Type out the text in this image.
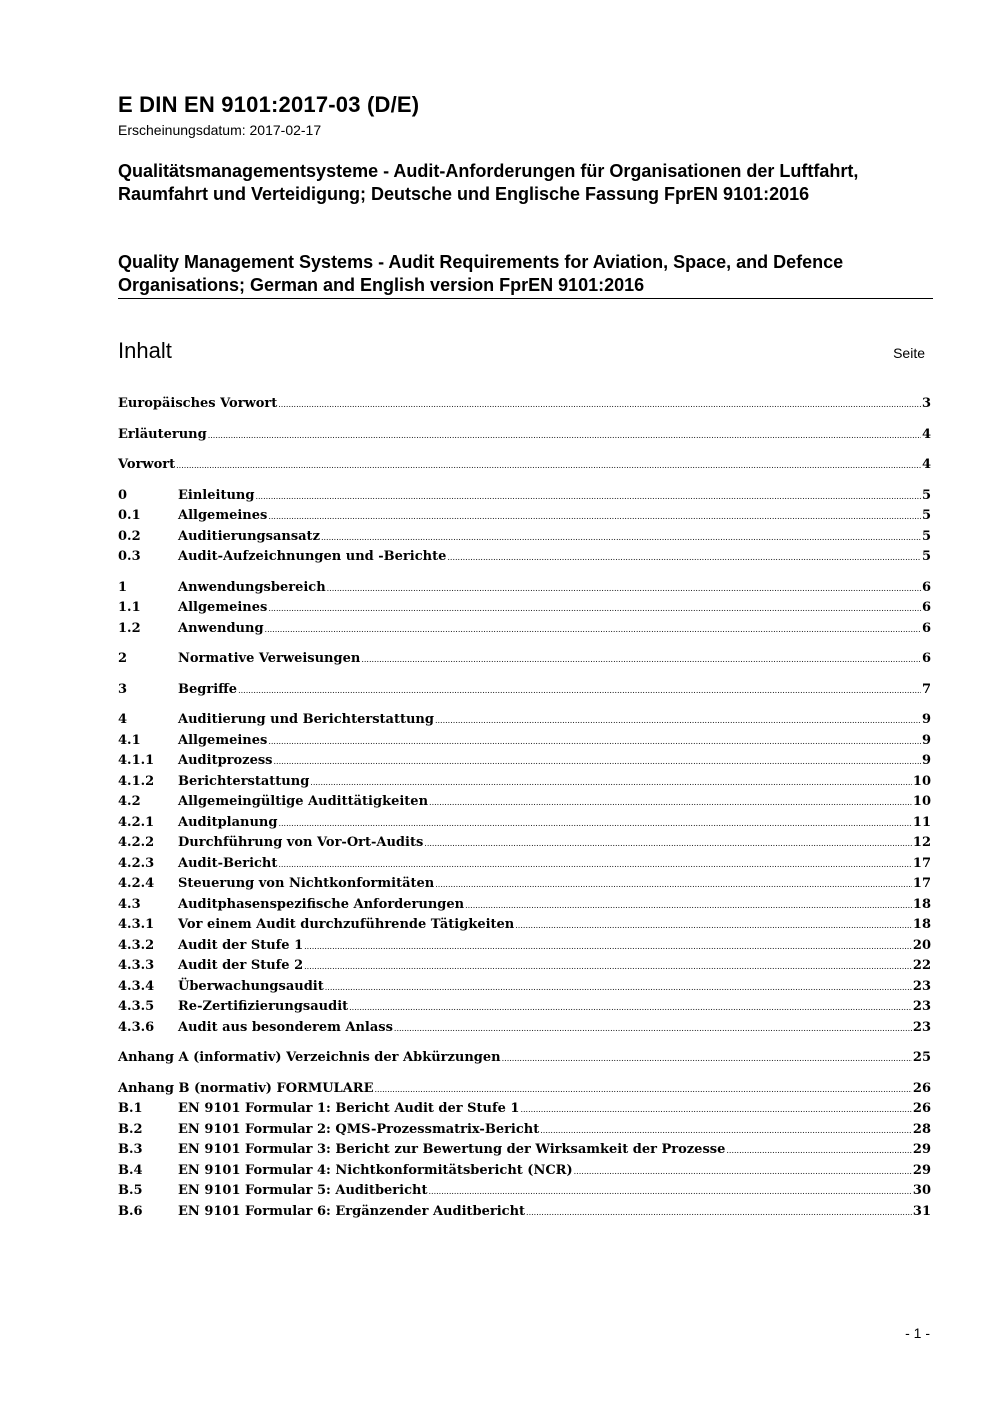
E DIN EN 9101:2017-03 (D/E)
Erscheinungsdatum: 2017-02-17
Qualitätsmanagementsysteme - Audit-Anforderungen für Organisationen der Luftfahrt, Raumfahrt und Verteidigung; Deutsche und Englische Fassung FprEN 9101:2016
Quality Management Systems - Audit Requirements for Aviation, Space, and Defence Organisations; German and English version FprEN 9101:2016
Inhalt	Seite
Europäisches Vorwort .....	3
Erläuterung .....	4
Vorwort .....	4
0	Einleitung .....	5
0.1	Allgemeines .....	5
0.2	Auditierungsansatz .....	5
0.3	Audit-Aufzeichnungen und -Berichte .....	5
1	Anwendungsbereich .....	6
1.1	Allgemeines .....	6
1.2	Anwendung .....	6
2	Normative Verweisungen .....	6
3	Begriffe .....	7
4	Auditierung und Berichterstattung .....	9
4.1	Allgemeines .....	9
4.1.1	Auditprozess .....	9
4.1.2	Berichterstattung .....	10
4.2	Allgemeingültige Audittätigkeiten .....	10
4.2.1	Auditplanung .....	11
4.2.2	Durchführung von Vor-Ort-Audits .....	12
4.2.3	Audit-Bericht .....	17
4.2.4	Steuerung von Nichtkonformitäten .....	17
4.3	Auditphasenspezifische Anforderungen .....	18
4.3.1	Vor einem Audit durchzuführende Tätigkeiten .....	18
4.3.2	Audit der Stufe 1 .....	20
4.3.3	Audit der Stufe 2 .....	22
4.3.4	Überwachungsaudit .....	23
4.3.5	Re-Zertifizierungsaudit .....	23
4.3.6	Audit aus besonderem Anlass .....	23
Anhang A (informativ) Verzeichnis der Abkürzungen .....	25
Anhang B (normativ) FORMULARE .....	26
B.1	EN 9101 Formular 1: Bericht Audit der Stufe 1 .....	26
B.2	EN 9101 Formular 2: QMS-Prozessmatrix-Bericht .....	28
B.3	EN 9101 Formular 3: Bericht zur Bewertung der Wirksamkeit der Prozesse .....	29
B.4	EN 9101 Formular 4: Nichtkonformitätsbericht (NCR) .....	29
B.5	EN 9101 Formular 5: Auditbericht .....	30
B.6	EN 9101 Formular 6: Ergänzender Auditbericht .....	31
- 1 -
